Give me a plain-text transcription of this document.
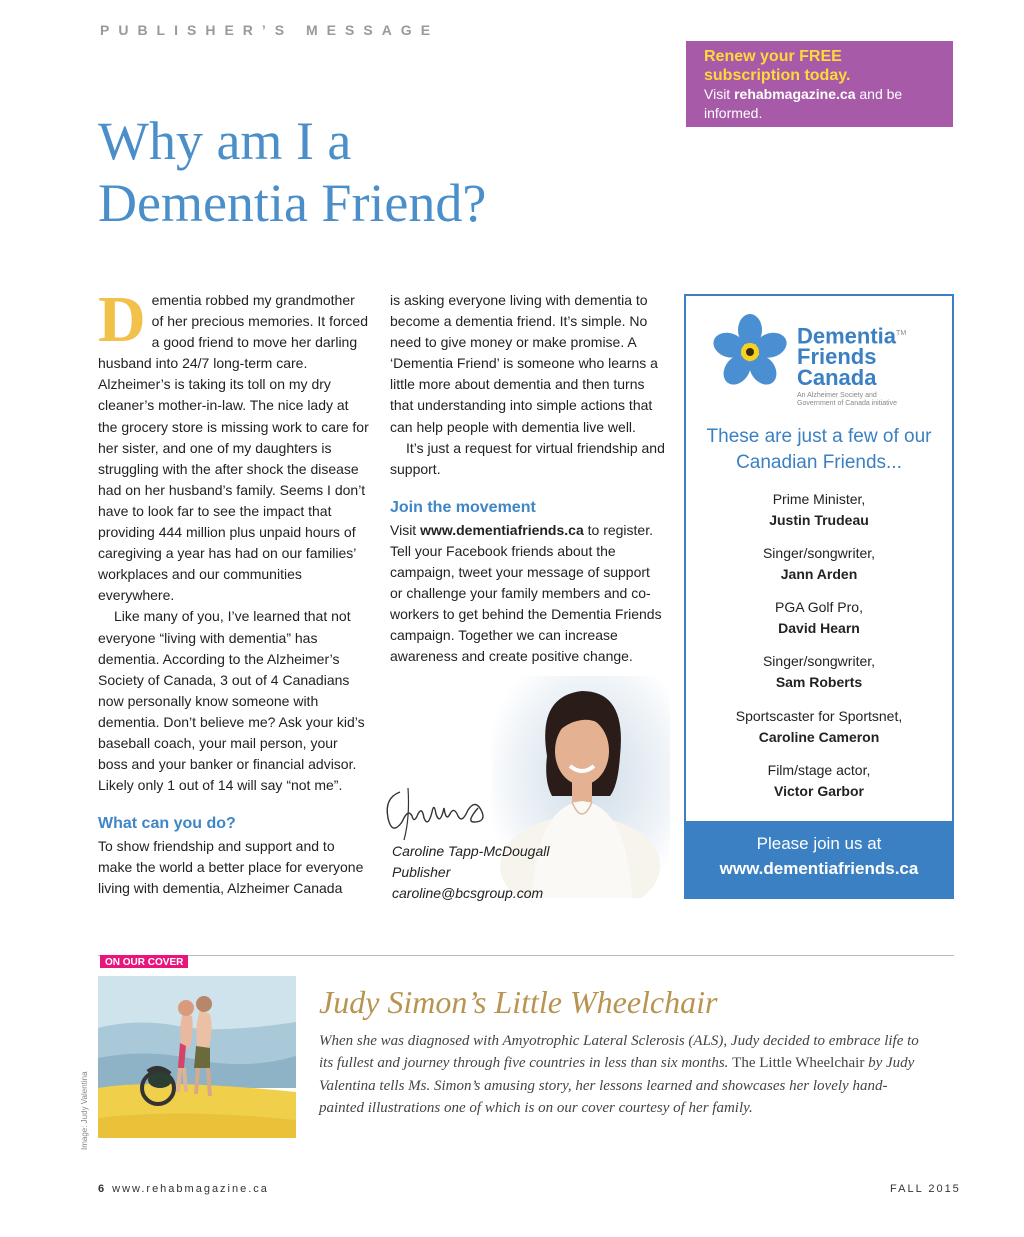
PUBLISHER’S MESSAGE
Renew your FREE subscription today.
Visit rehabmagazine.ca and be informed.
Why am I a
Dementia Friend?

Dementia robbed my grandmother of her precious memories. It forced a good friend to move her darling husband into 24/7 long-term care. Alzheimer’s is taking its toll on my dry cleaner’s mother-in-law. The nice lady at the grocery store is missing work to care for her sister, and one of my daughters is struggling with the after shock the disease had on her husband’s family. Seems I don’t have to look far to see the impact that providing 444 million plus unpaid hours of caregiving a year has had on our families’ workplaces and our communities everywhere.

Like many of you, I’ve learned that not everyone “living with dementia” has dementia. According to the Alzheimer’s Society of Canada, 3 out of 4 Canadians now personally know someone with dementia. Don’t believe me? Ask your kid’s baseball coach, your mail person, your boss and your banker or financial advisor. Likely only 1 out of 14 will say “not me”.

What can you do?

To show friendship and support and to make the world a better place for everyone living with dementia, Alzheimer Canada

is asking everyone living with dementia to become a dementia friend. It’s simple. No need to give money or make promise. A ‘Dementia Friend’ is someone who learns a little more about dementia and then turns that understanding into simple actions that can help people with dementia live well.

It’s just a request for virtual friendship and support.

Join the movement

Visit www.dementiafriends.ca to register. Tell your Facebook friends about the campaign, tweet your message of support or challenge your family members and co-workers to get behind the Dementia Friends campaign. Together we can increase awareness and create positive change.

Caroline Tapp-McDougall
Publisher
caroline@bcsgroup.com
Dementia™
Friends
Canada
An Alzheimer Society and Government of Canada initiative
These are just a few of our Canadian Friends...
Prime Minister,
Justin Trudeau
Singer/songwriter,
Jann Arden
PGA Golf Pro,
David Hearn
Singer/songwriter,
Sam Roberts
Sportscaster for Sportsnet,
Caroline Cameron
Film/stage actor,
Victor Garbor
Please join us at
www.dementiafriends.ca
ON OUR COVER
Image: Judy Valentina
Judy Simon’s Little Wheelchair
When she was diagnosed with Amyotrophic Lateral Sclerosis (ALS), Judy decided to embrace life to its fullest and journey through five countries in less than six months. The Little Wheelchair by Judy Valentina tells Ms. Simon’s amusing story, her lessons learned and showcases her lovely hand-painted illustrations one of which is on our cover courtesy of her family.
6 www.rehabmagazine.ca	FALL 2015
